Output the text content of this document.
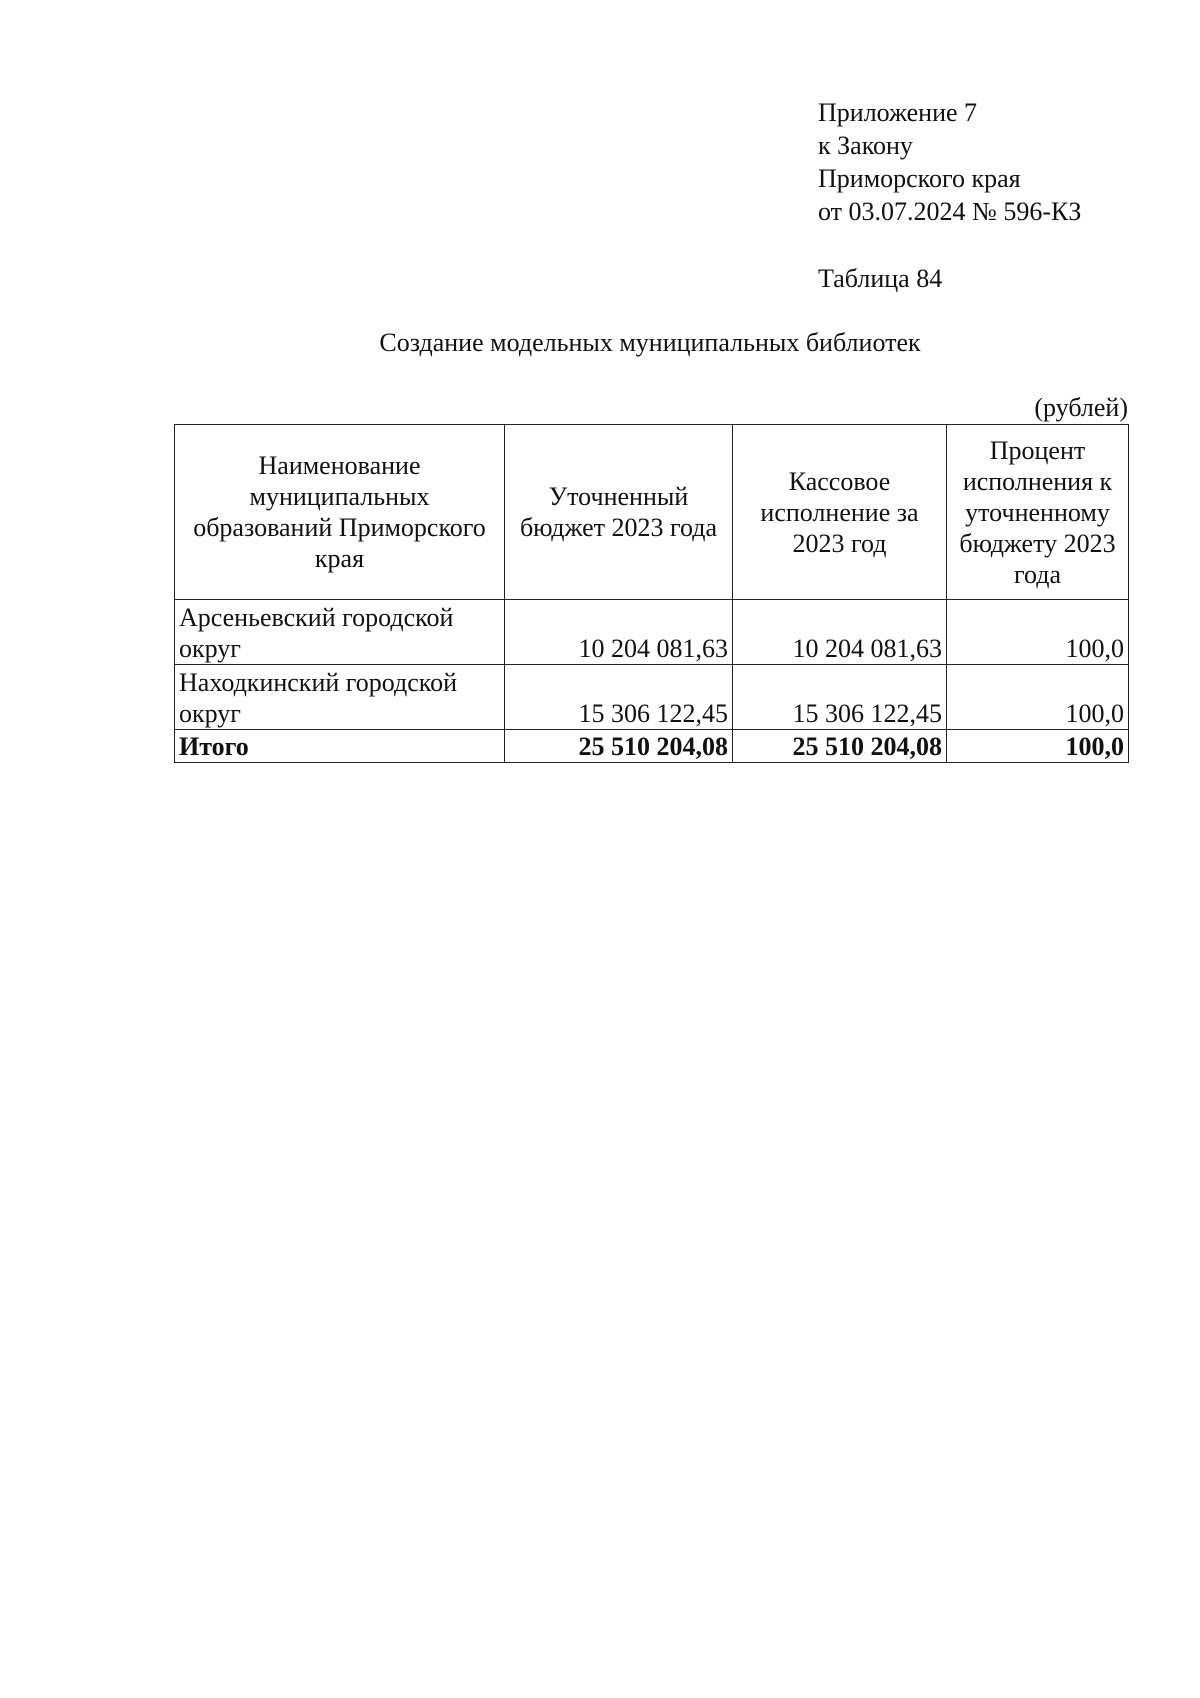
Приложение 7
к Закону
Приморского края
от 03.07.2024 № 596-КЗ
Таблица 84
Создание модельных муниципальных библиотек
(рублей)
Наименование муниципальных образований Приморского края	Уточненный бюджет 2023 года	Кассовое исполнение за 2023 год	Процент исполнения к уточненному бюджету 2023 года
Арсеньевский городской округ	10 204 081,63	10 204 081,63	100,0
Находкинский городской округ	15 306 122,45	15 306 122,45	100,0
Итого	25 510 204,08	25 510 204,08	100,0
